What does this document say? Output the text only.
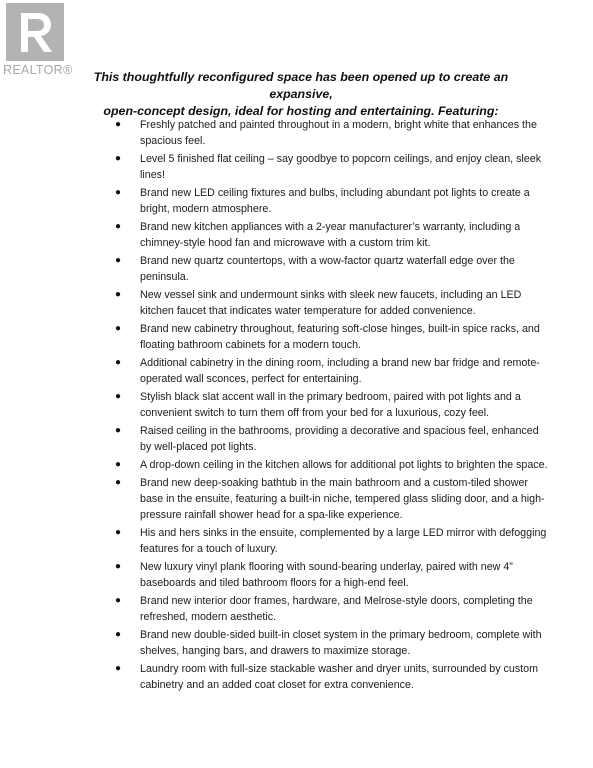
REALTOR®	This thoughtfully reconfigured space has been opened up to create an expansive,
open-concept design, ideal for hosting and entertaining. Featuring:
● Freshly patched and painted throughout in a modern, bright white that enhances the spacious feel.
● Level 5 finished flat ceiling – say goodbye to popcorn ceilings, and enjoy clean, sleek lines!
● Brand new LED ceiling fixtures and bulbs, including abundant pot lights to create a bright, modern atmosphere.
● Brand new kitchen appliances with a 2-year manufacturer’s warranty, including a chimney-style hood fan and microwave with a custom trim kit.
● Brand new quartz countertops, with a wow-factor quartz waterfall edge over the peninsula.
● New vessel sink and undermount sinks with sleek new faucets, including an LED kitchen faucet that indicates water temperature for added convenience.
● Brand new cabinetry throughout, featuring soft-close hinges, built-in spice racks, and floating bathroom cabinets for a modern touch.
● Additional cabinetry in the dining room, including a brand new bar fridge and remote-operated wall sconces, perfect for entertaining.
● Stylish black slat accent wall in the primary bedroom, paired with pot lights and a convenient switch to turn them off from your bed for a luxurious, cozy feel.
● Raised ceiling in the bathrooms, providing a decorative and spacious feel, enhanced by well-placed pot lights.
● A drop-down ceiling in the kitchen allows for additional pot lights to brighten the space.
● Brand new deep-soaking bathtub in the main bathroom and a custom-tiled shower base in the ensuite, featuring a built-in niche, tempered glass sliding door, and a high-pressure rainfall shower head for a spa-like experience.
● His and hers sinks in the ensuite, complemented by a large LED mirror with defogging features for a touch of luxury.
● New luxury vinyl plank flooring with sound-bearing underlay, paired with new 4” baseboards and tiled bathroom floors for a high-end feel.
● Brand new interior door frames, hardware, and Melrose-style doors, completing the refreshed, modern aesthetic.
● Brand new double-sided built-in closet system in the primary bedroom, complete with shelves, hanging bars, and drawers to maximize storage.
● Laundry room with full-size stackable washer and dryer units, surrounded by custom cabinetry and an added coat closet for extra convenience.
